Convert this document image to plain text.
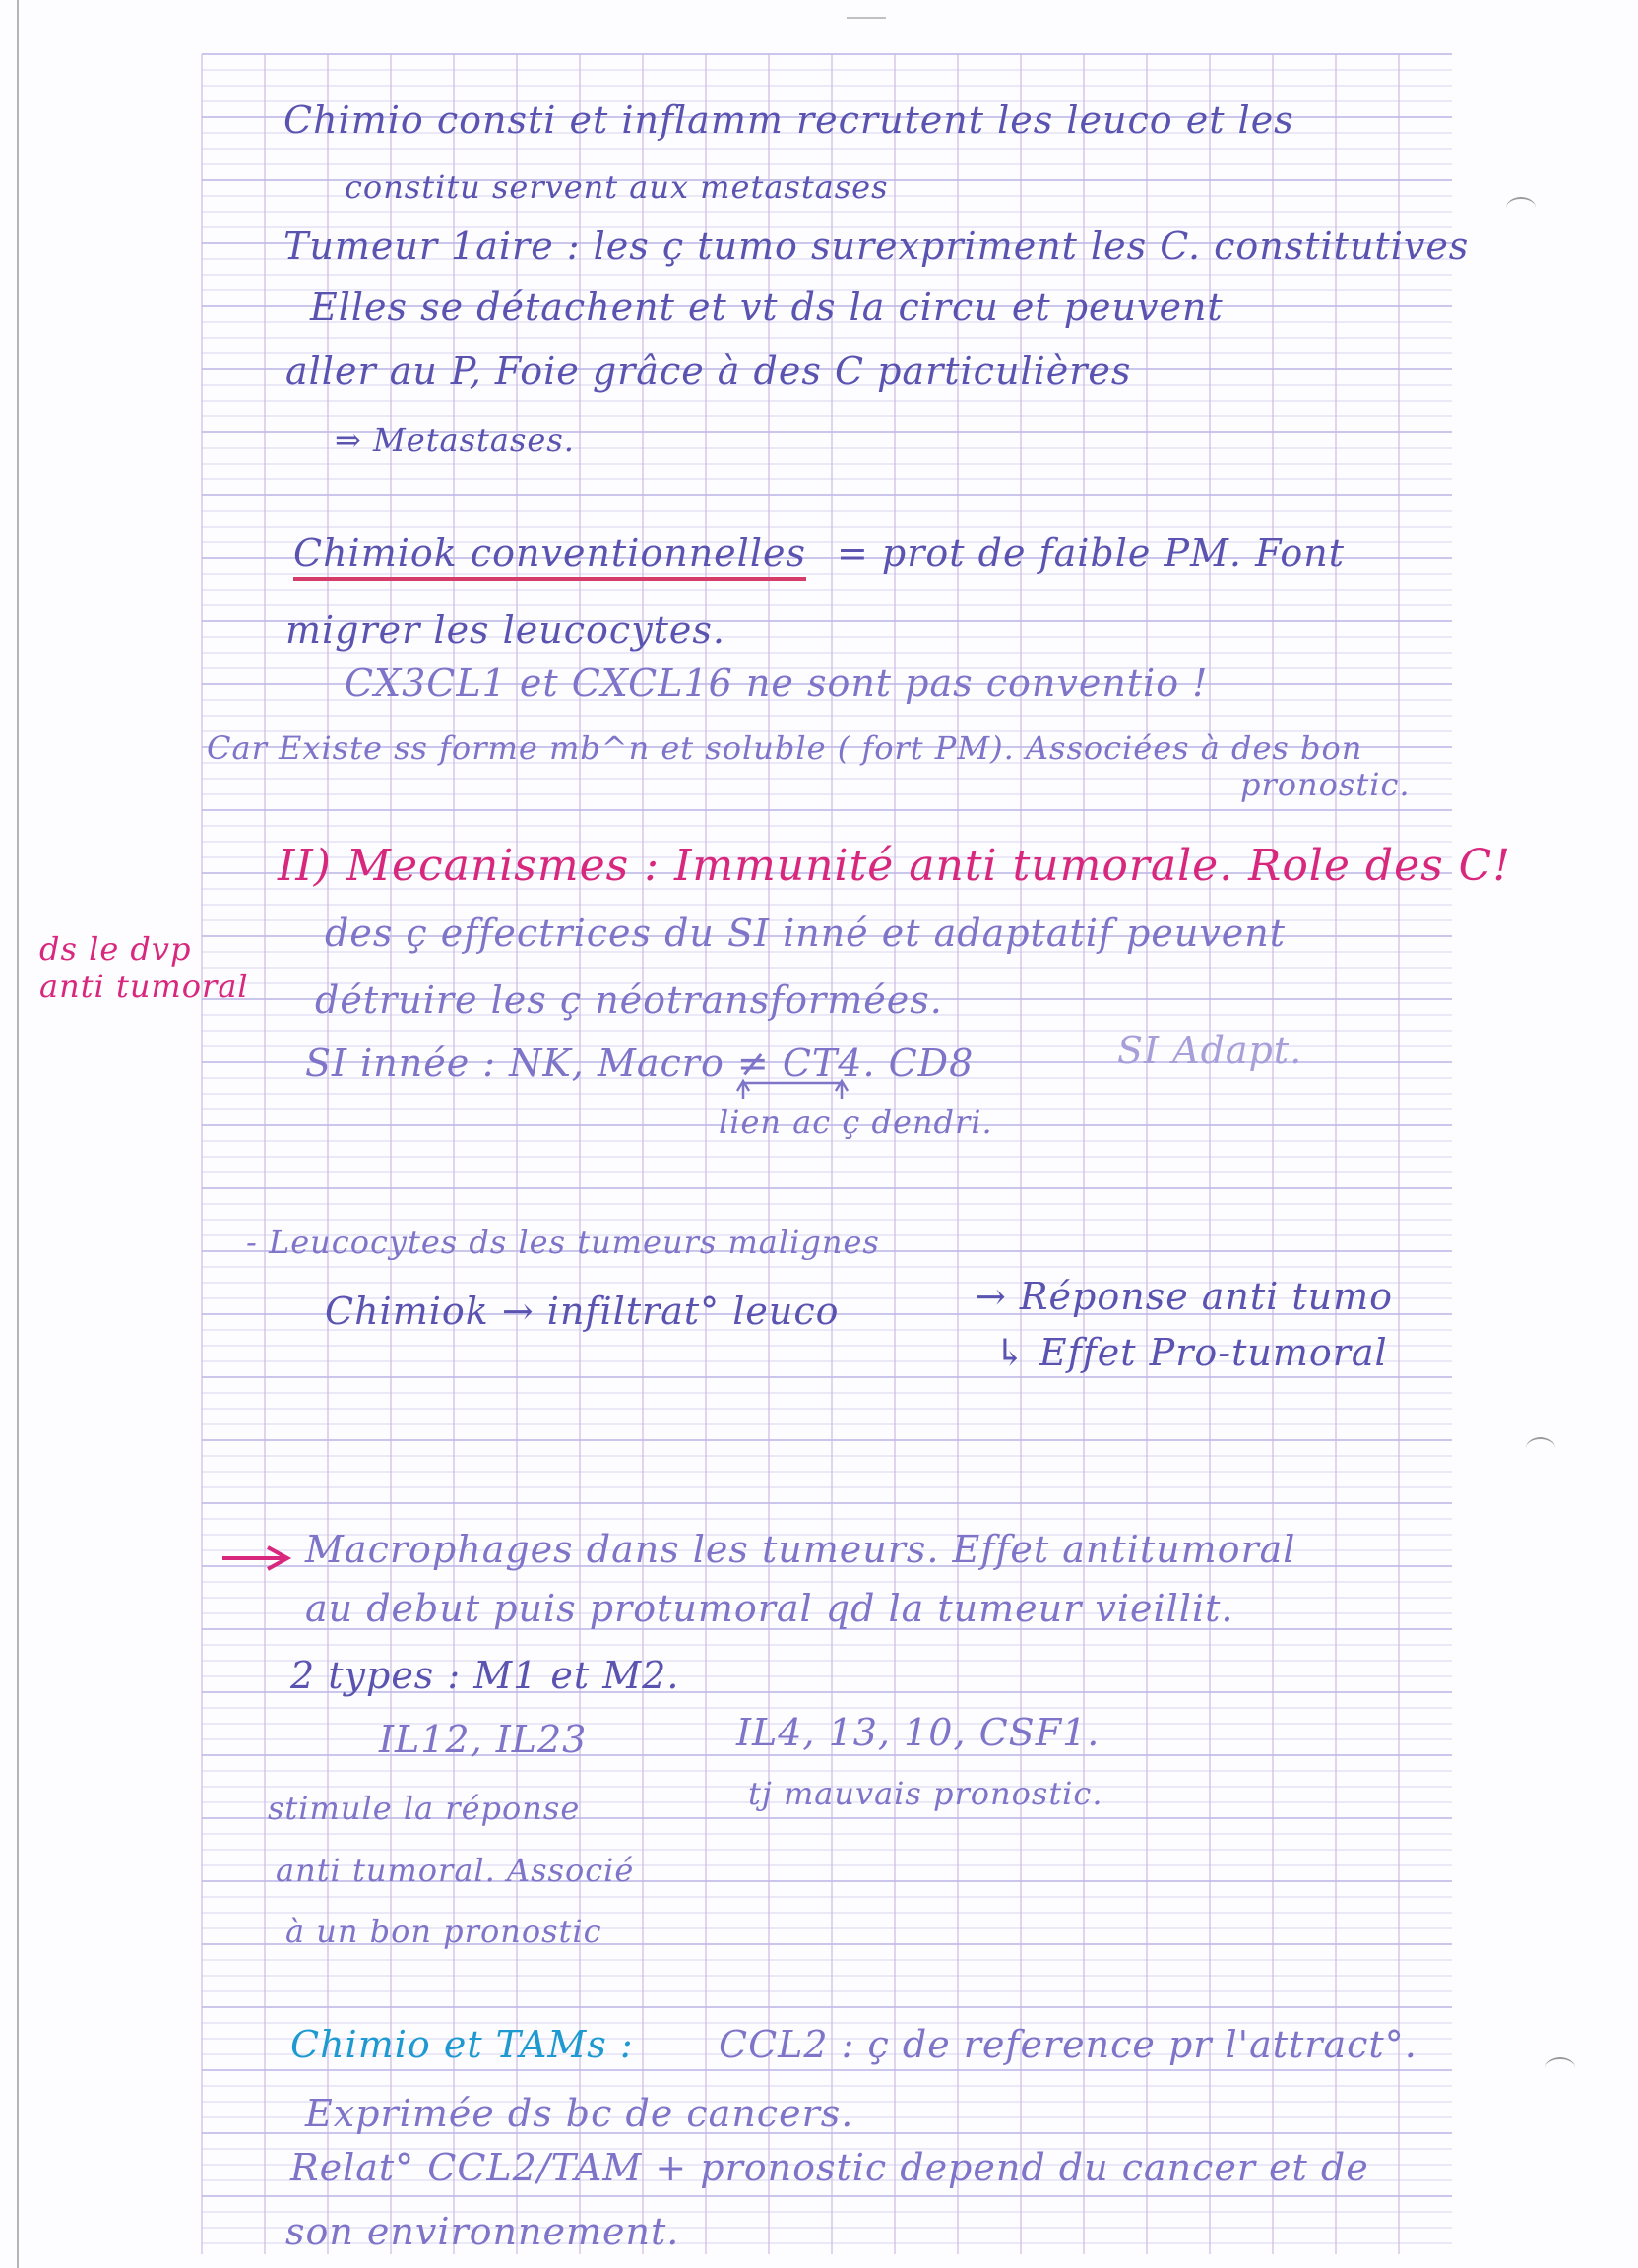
Chimio consti et inflamm recrutent les leuco et les
constitu servent aux metastases
Tumeur 1aire : les ç tumo surexpriment les C. constitutives
Elles se détachent et vt ds la circu et peuvent
aller au P, Foie grâce à des C particulières
⇒ Metastases.
Chimiok conventionnelles = prot de faible PM. Font
migrer les leucocytes.
CX3CL1 et CXCL16 ne sont pas conventio !
Car Existe ss forme mb^n et soluble ( fort PM). Associées à des bon
pronostic.
II) Mecanismes : Immunité anti tumorale. Role des C!
ds le dvp
anti tumoral
des ç effectrices du SI inné et adaptatif peuvent
détruire les ç néotransformées.
SI innée : NK, Macro ≠ CT4. CD8	SI Adapt.
lien ac ç dendri.
- Leucocytes ds les tumeurs malignes
Chimiok → infiltrat° leuco	→ Réponse anti tumo
↳ Effet Pro-tumoral
Macrophages dans les tumeurs. Effet antitumoral
au debut puis protumoral qd la tumeur vieillit.
2 types : M1 et M2.
IL12, IL23	IL4, 13, 10, CSF1.
stimule la réponse	tj mauvais pronostic.
anti tumoral. Associé
à un bon pronostic
Chimio et TAMs : CCL2 : ç de reference pr l'attract°.
Exprimée ds bc de cancers.
Relat° CCL2/TAM + pronostic depend du cancer et de
son environnement.
